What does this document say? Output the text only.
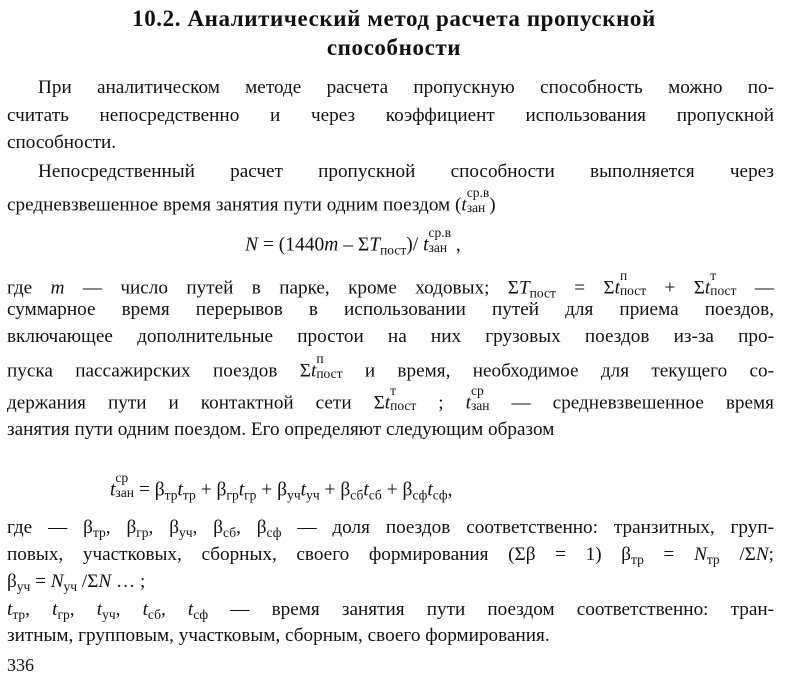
10.2. Аналитический метод расчета пропускной
способности
При аналитическом методе расчета пропускную способность можно по-
считать непосредственно и через коэффициент использования пропускной
способности.
Непосредственный расчет пропускной способности выполняется через
средневзвешенное время занятия пути одним поездом (t
ср.в
зан )
$N = (1440m - \Sigma T_{пост})/$ t
ср.в
зан ,
где m — число путей в парке, кроме ходовых; $\Sigma T_{пост} = \Sigma t$
п
пост + Σt
т
пост —
суммарное время перерывов в использовании путей для приема поездов,
включающее дополнительные простои на них грузовых поездов из-за про-
пуска пассажирских поездов Σt
п
пост и время, необходимое для текущего со-
держания пути и контактной сети Σt
т
пост ; t
ср
зан — средневзвешенное время
занятия пути одним поездом. Его определяют следующим образом
t
ср
зан = $\beta_{тр}t_{тр} + \beta_{гр}t_{гр} + \beta_{уч}t_{уч} + \beta_{сб}t_{сб} + \beta_{сф}t_{сф}$,
где — $\beta_{тр}$, $\beta_{гр}$, $\beta_{уч}$, $\beta_{сб}$, $\beta_{сф}$ — доля поездов соответственно: транзитных, груп-
повых, участковых, сборных, своего формирования (Σβ = 1) $\beta_{тр} = N_{тр}$ /ΣN;
$\beta_{уч} = N_{уч}$ /ΣN … ;
$t_{тр}$, $t_{гр}$, $t_{уч}$, $t_{сб}$, $t_{сф}$ — время занятия пути поездом соответственно: тран-
зитным, групповым, участковым, сборным, своего формирования.
336
